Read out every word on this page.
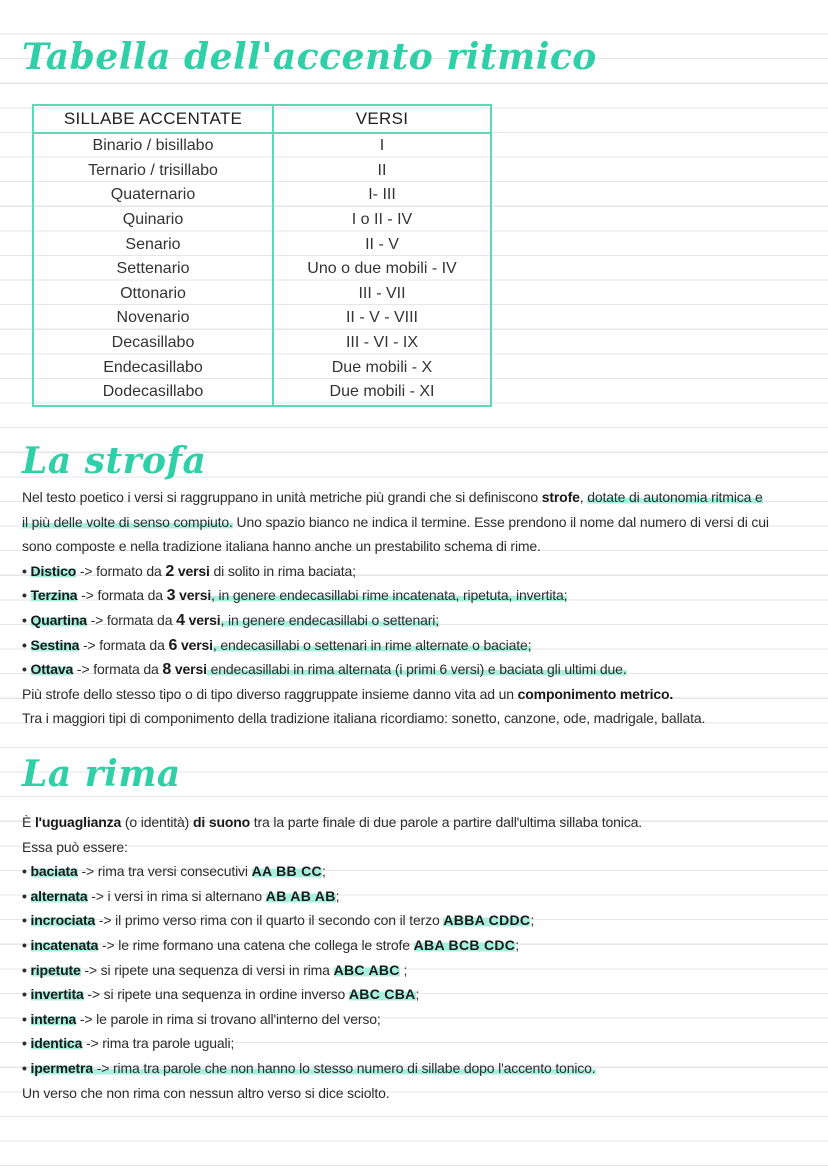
Tabella dell'accento ritmico
SILLABE ACCENTATE	VERSI
Binario / bisillabo	I
Ternario / trisillabo	II
Quaternario	I- III
Quinario	I o II - IV
Senario	II - V
Settenario	Uno o due mobili - IV
Ottonario	III - VII
Novenario	II - V - VIII
Decasillabo	III - VI - IX
Endecasillabo	Due mobili - X
Dodecasillabo	Due mobili - XI
La strofa
Nel testo poetico i versi si raggruppano in unità metriche più grandi che si definiscono strofe, dotate di autonomia ritmica e
il più delle volte di senso compiuto. Uno spazio bianco ne indica il termine. Esse prendono il nome dal numero di versi di cui
sono composte e nella tradizione italiana hanno anche un prestabilito schema di rime.
• Distico -> formato da 2 versi di solito in rima baciata;
• Terzina -> formata da 3 versi, in genere endecasillabi rime incatenata, ripetuta, invertita;
• Quartina -> formata da 4 versi, in genere endecasillabi o settenari;
• Sestina -> formata da 6 versi, endecasillabi o settenari in rime alternate o baciate;
• Ottava -> formata da 8 versi endecasillabi in rima alternata (i primi 6 versi) e baciata gli ultimi due.
Più strofe dello stesso tipo o di tipo diverso raggruppate insieme danno vita ad un componimento metrico.
Tra i maggiori tipi di componimento della tradizione italiana ricordiamo: sonetto, canzone, ode, madrigale, ballata.
La rima
È l'uguaglianza (o identità) di suono tra la parte finale di due parole a partire dall'ultima sillaba tonica.
Essa può essere:
• baciata -> rima tra versi consecutivi AA BB CC;
• alternata -> i versi in rima si alternano AB AB AB;
• incrociata -> il primo verso rima con il quarto il secondo con il terzo ABBA CDDC;
• incatenata -> le rime formano una catena che collega le strofe ABA BCB CDC;
• ripetute -> si ripete una sequenza di versi in rima ABC ABC ;
• invertita -> si ripete una sequenza in ordine inverso ABC CBA;
• interna -> le parole in rima si trovano all'interno del verso;
• identica -> rima tra parole uguali;
• ipermetra -> rima tra parole che non hanno lo stesso numero di sillabe dopo l'accento tonico.
Un verso che non rima con nessun altro verso si dice sciolto.
